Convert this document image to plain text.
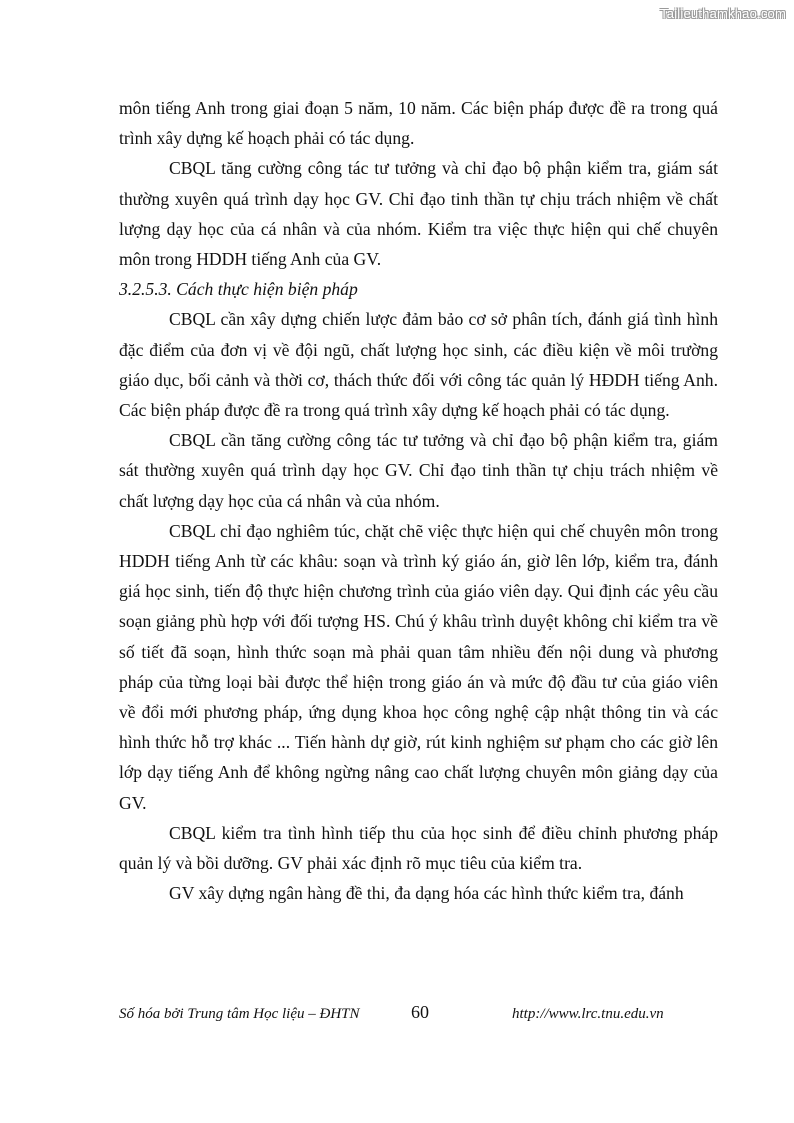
Tailieuthamkhao.com

môn tiếng Anh trong giai đoạn 5 năm, 10 năm. Các biện pháp được đề ra trong quá trình xây dựng kế hoạch phải có tác dụng.

CBQL tăng cường công tác tư tưởng và chỉ đạo bộ phận kiểm tra, giám sát thường xuyên quá trình dạy học GV. Chỉ đạo tinh thần tự chịu trách nhiệm về chất lượng dạy học của cá nhân và của nhóm. Kiểm tra việc thực hiện qui chế chuyên môn trong HDDH tiếng Anh của GV.

3.2.5.3. Cách thực hiện biện pháp

CBQL cần xây dựng chiến lược đảm bảo cơ sở phân tích, đánh giá tình hình đặc điểm của đơn vị về đội ngũ, chất lượng học sinh, các điều kiện về môi trường giáo dục, bối cảnh và thời cơ, thách thức đối với công tác quản lý HĐDH tiếng Anh. Các biện pháp được đề ra trong quá trình xây dựng kế hoạch phải có tác dụng.

CBQL cần tăng cường công tác tư tưởng và chỉ đạo bộ phận kiểm tra, giám sát thường xuyên quá trình dạy học GV. Chỉ đạo tinh thần tự chịu trách nhiệm về chất lượng dạy học của cá nhân và của nhóm.

CBQL chỉ đạo nghiêm túc, chặt chẽ việc thực hiện qui chế chuyên môn trong HDDH tiếng Anh từ các khâu: soạn và trình ký giáo án, giờ lên lớp, kiểm tra, đánh giá học sinh, tiến độ thực hiện chương trình của giáo viên dạy. Qui định các yêu cầu soạn giảng phù hợp với đối tượng HS. Chú ý khâu trình duyệt không chỉ kiểm tra về số tiết đã soạn, hình thức soạn mà phải quan tâm nhiều đến nội dung và phương pháp của từng loại bài được thể hiện trong giáo án và mức độ đầu tư của giáo viên về đổi mới phương pháp, ứng dụng khoa học công nghệ cập nhật thông tin và các hình thức hỗ trợ khác ... Tiến hành dự giờ, rút kinh nghiệm sư phạm cho các giờ lên lớp dạy tiếng Anh để không ngừng nâng cao chất lượng chuyên môn giảng dạy của GV.

CBQL kiểm tra tình hình tiếp thu của học sinh để điều chỉnh phương pháp quản lý và bồi dưỡng. GV phải xác định rõ mục tiêu của kiểm tra.

GV xây dựng ngân hàng đề thi, đa dạng hóa các hình thức kiểm tra, đánh

Số hóa bởi Trung tâm Học liệu – ĐHTN	60	http://www.lrc.tnu.edu.vn
